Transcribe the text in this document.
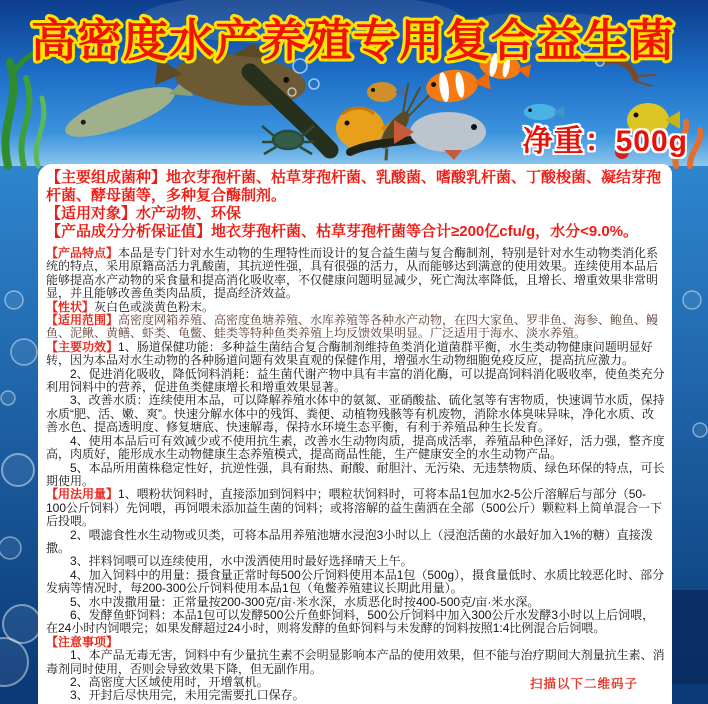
高密度水产养殖专用复合益生菌
净重：500g

【主要组成菌种】地衣芽孢杆菌、枯草芽孢杆菌、乳酸菌、嗜酸乳杆菌、丁酸梭菌、凝结芽孢杆菌、酵母菌等，多种复合酶制剂。

【适用对象】水产动物、环保

【产品成分分析保证值】地衣芽孢杆菌、枯草芽孢杆菌等合计≥200亿cfu/g，水分<9.0%。

【产品特点】本品是专门针对水生动物的生理特性而设计的复合益生菌与复合酶制剂，特别是针对水生动物类消化系统的特点，采用原籍高活力乳酸菌，其抗逆性强，具有很强的活力，从而能够达到满意的使用效果。连续使用本品后能够提高水产动物的采食量和提高消化吸收率，不仅健康问题明显减少，死亡淘汰率降低，且增长、增重效果非常明显，并且能够改善鱼类肉品质，提高经济效益。

【性状】灰白色或淡黄色粉末。

【适用范围】高密度网箱养殖、高密度鱼塘养殖、水库养殖等各种水产动物，在四大家鱼、罗非鱼、海参、鲍鱼、鳗鱼、泥鳅、黄鳝、虾类、龟鳖、蛙类等特种鱼类养殖上均反馈效果明显。广泛适用于海水、淡水养殖。

【主要功效】1、肠道保健功能：多种益生菌结合复合酶制剂维持鱼类消化道菌群平衡，水生类动物健康问题明显好转，因为本品对水生动物的各种肠道问题有效果直观的保健作用，增强水生动物细胞免疫反应，提高抗应激力。

2、促进消化吸收，降低饲料消耗：益生菌代谢产物中具有丰富的消化酶，可以提高饲料消化吸收率，使鱼类充分利用饲料中的营养，促进鱼类健康增长和增重效果显著。

3、改善水质：连续使用本品，可以降解养殖水体中的氨氮、亚硝酸盐、硫化氢等有害物质，快速调节水质，保持水质“肥、活、嫩、爽”。快速分解水体中的残饵、粪便、动植物残骸等有机废物，消除水体臭味异味，净化水质、改善水色、提高透明度、修复塘底、快速解毒，保持水环境生态平衡，有利于养殖品种生长发育。

4、使用本品后可有效减少或不使用抗生素，改善水生动物肉质，提高成活率，养殖品种色泽好，活力强，整齐度高，肉质好，能形成水生动物健康生态养殖模式，提高商品性能，生产健康安全的水生动物产品。

5、本品所用菌株稳定性好，抗逆性强，具有耐热、耐酸、耐胆汁、无污染、无违禁物质、绿色环保的特点，可长期使用。

【用法用量】1、喂粉状饲料时，直接添加到饲料中；喂粒状饲料时，可将本品1包加水2-5公斤溶解后与部分（50-100公斤饲料）先饲喂，再饲喂未添加益生菌的饲料；或将溶解的益生菌洒在全部（500公斤）颗粒料上简单混合一下后投喂。

2、喂滤食性水生动物或贝类，可将本品用养殖池塘水浸泡3小时以上（浸泡活菌的水最好加入1%的糖）直接泼撒。

3、拌料饲喂可以连续使用，水中泼洒使用时最好选择晴天上午。

4、加入饲料中的用量：摄食量正常时每500公斤饲料使用本品1包（500g），摄食量低时、水质比较恶化时、部分发病等情况时，每200-300公斤饲料使用本品1包（龟鳖养殖建议长期此用量）。

5、水中泼撒用量：正常量按200-300克/亩·米水深，水质恶化时按400-500克/亩·米水深。

6、发酵鱼虾饲料：本品1包可以发酵500公斤鱼虾饲料，500公斤饲料中加入300公斤水发酵3小时以上后饲喂，在24小时内饲喂完；如果发酵超过24小时，则将发酵的鱼虾饲料与未发酵的饲料按照1:4比例混合后饲喂。

【注意事项】

1、本产品无毒无害，饲料中有少量抗生素不会明显影响本产品的使用效果，但不能与治疗期间大剂量抗生素、消毒剂同时使用，否则会导致效果下降，但无副作用。

2、高密度大区域使用时，开增氧机。

3、开封后尽快用完，未用完需要扎口保存。

扫描以下二维码子
